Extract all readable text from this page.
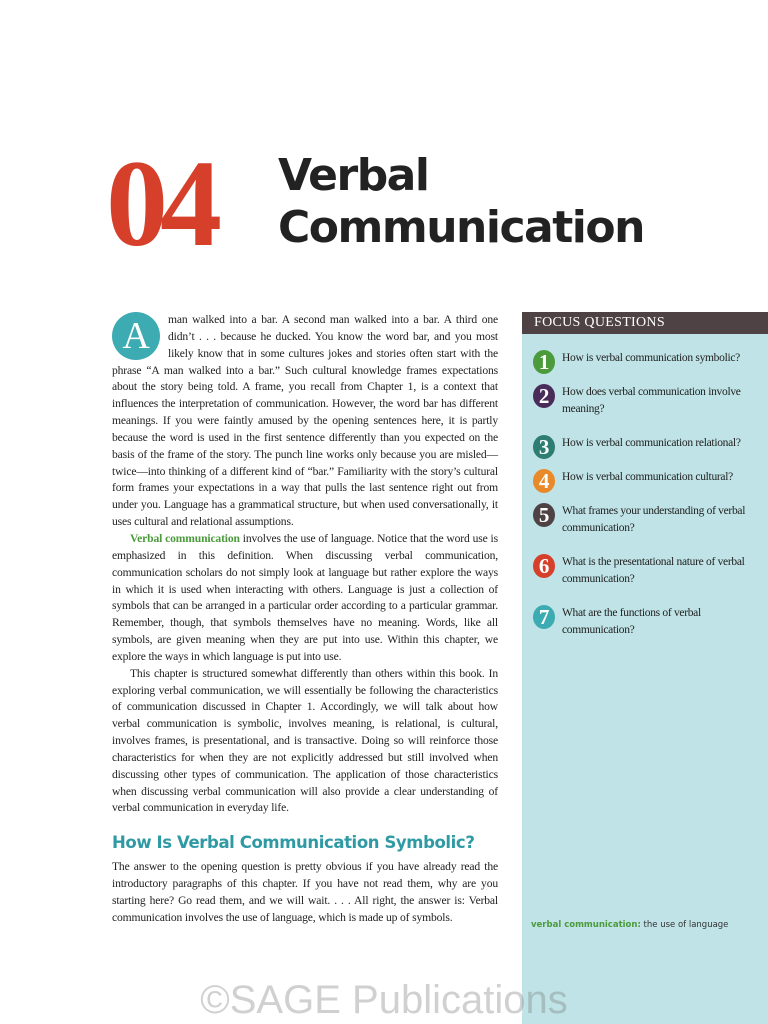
04 Verbal
Communication

A	man walked into a bar. A second man walked into a bar. A third one didn’t . . . because he ducked. You know the word bar, and you most likely know that in some cultures jokes and stories often start with the phrase “A man walked into a bar.” Such cultural knowledge frames expectations about the story being told. A frame, you recall from Chapter 1, is a context that influences the interpretation of communication. However, the word bar has different meanings. If you were faintly amused by the opening sentences here, it is partly because the word is used in the first sentence differently than you expected on the basis of the frame of the story. The punch line works only because you are misled—twice—into thinking of a different kind of “bar.” Familiarity with the story’s cultural form frames your expectations in a way that pulls the last sentence right out from under you. Language has a grammatical structure, but when used conversationally, it uses cultural and relational assumptions.

Verbal communication involves the use of language. Notice that the word use is emphasized in this definition. When discussing verbal communication, communication scholars do not simply look at language but rather explore the ways in which it is used when interacting with others. Language is just a collection of symbols that can be arranged in a particular order according to a particular grammar. Remember, though, that symbols themselves have no meaning. Words, like all symbols, are given meaning when they are put into use. Within this chapter, we explore the ways in which language is put into use.

This chapter is structured somewhat differently than others within this book. In exploring verbal communication, we will essentially be following the characteristics of communication discussed in Chapter 1. Accordingly, we will talk about how verbal communication is symbolic, involves meaning, is relational, is cultural, involves frames, is presentational, and is transactive. Doing so will reinforce those characteristics for when they are not explicitly addressed but still involved when discussing other types of communication. The application of those characteristics when discussing verbal communication will also provide a clear understanding of verbal communication in everyday life.

How Is Verbal Communication Symbolic?

The answer to the opening question is pretty obvious if you have already read the introductory paragraphs of this chapter. If you have not read them, why are you starting here? Go read them, and we will wait. . . . All right, the answer is: Verbal communication involves the use of language, which is made up of symbols.

FOCUS QUESTIONS
1	How is verbal communication symbolic?
2	How does verbal communication involve meaning?
3	How is verbal communication relational?
4	How is verbal communication cultural?
5	What frames your understanding of verbal communication?
6	What is the presentational nature of verbal communication?
7	What are the functions of verbal communication?
verbal communication: the use of language
©SAGE Publications
